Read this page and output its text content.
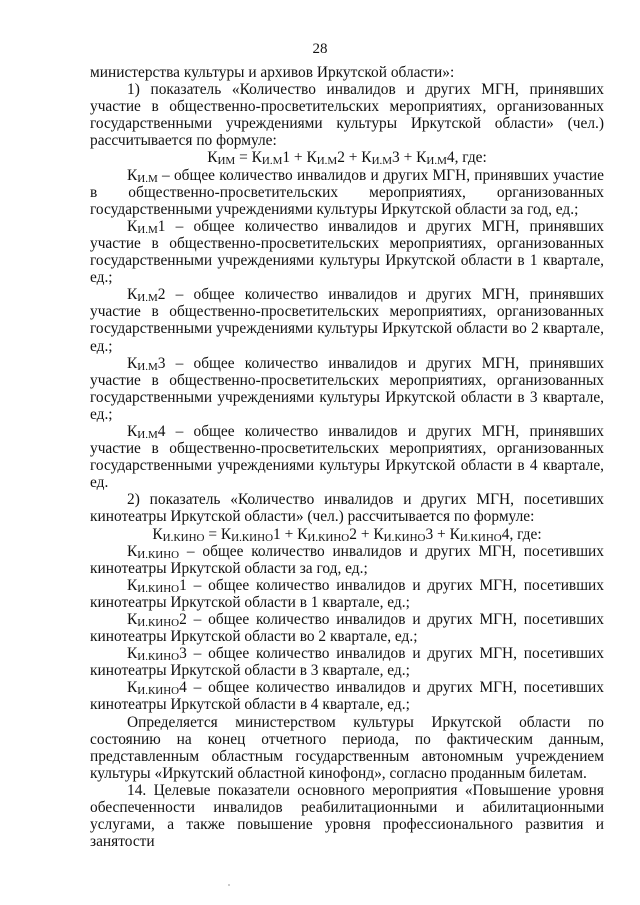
28

министерства культуры и архивов Иркутской области»:

1) показатель «Количество инвалидов и других МГН, принявших участие в общественно-просветительских мероприятиях, организованных государственными учреждениями культуры Иркутской области» (чел.) рассчитывается по формуле:

$К_{ИМ} = К_{И.М}1 + К_{И.М}2 + К_{И.М}3 + К_{И.М}4$, где:

$К_{И.М}$ – общее количество инвалидов и других МГН, принявших участие в общественно-просветительских мероприятиях, организованных государственными учреждениями культуры Иркутской области за год, ед.;

$К_{И.М}1$ – общее количество инвалидов и других МГН, принявших участие в общественно-просветительских мероприятиях, организованных государственными учреждениями культуры Иркутской области в 1 квартале, ед.;

$К_{И.М}2$ – общее количество инвалидов и других МГН, принявших участие в общественно-просветительских мероприятиях, организованных государственными учреждениями культуры Иркутской области во 2 квартале, ед.;

$К_{И.М}3$ – общее количество инвалидов и других МГН, принявших участие в общественно-просветительских мероприятиях, организованных государственными учреждениями культуры Иркутской области в 3 квартале, ед.;

$К_{И.М}4$ – общее количество инвалидов и других МГН, принявших участие в общественно-просветительских мероприятиях, организованных государственными учреждениями культуры Иркутской области в 4 квартале, ед.

2) показатель «Количество инвалидов и других МГН, посетивших кинотеатры Иркутской области» (чел.) рассчитывается по формуле:

$К_{И.КИНО} = К_{И.КИНО}1 + К_{И.КИНО}2 + К_{И.КИНО}3 + К_{И.КИНО}4$, где:

$К_{И.КИНО}$ – общее количество инвалидов и других МГН, посетивших кинотеатры Иркутской области за год, ед.;

$К_{И.КИНО}1$ – общее количество инвалидов и других МГН, посетивших кинотеатры Иркутской области в 1 квартале, ед.;

$К_{И.КИНО}2$ – общее количество инвалидов и других МГН, посетивших кинотеатры Иркутской области во 2 квартале, ед.;

$К_{И.КИНО}3$ – общее количество инвалидов и других МГН, посетивших кинотеатры Иркутской области в 3 квартале, ед.;

$К_{И.КИНО}4$ – общее количество инвалидов и других МГН, посетивших кинотеатры Иркутской области в 4 квартале, ед.;

Определяется министерством культуры Иркутской области по состоянию на конец отчетного периода, по фактическим данным, представленным областным государственным автономным учреждением культуры «Иркутский областной кинофонд», согласно проданным билетам.

14. Целевые показатели основного мероприятия «Повышение уровня обеспеченности инвалидов реабилитационными и абилитационными услугами, а также повышение уровня профессионального развития и занятости
